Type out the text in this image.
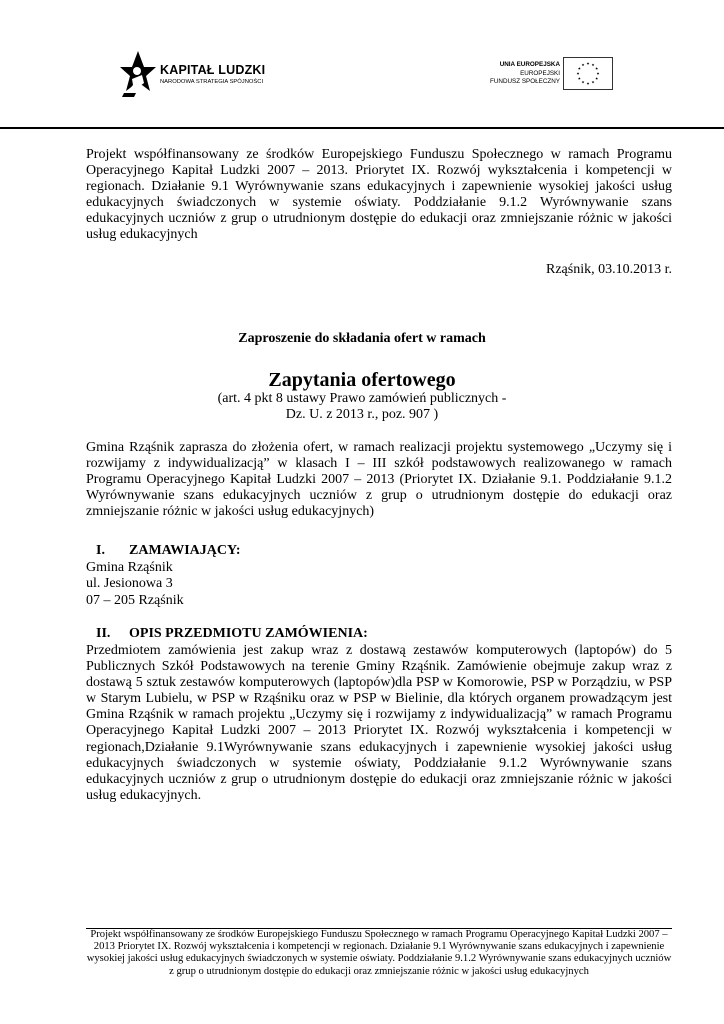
KAPITAŁ LUDZKI
NARODOWA STRATEGIA SPÓJNOŚCI
UNIA EUROPEJSKA
EUROPEJSKI
FUNDUSZ SPOŁECZNY
Projekt współfinansowany ze środków Europejskiego Funduszu Społecznego w ramach Programu Operacyjnego Kapitał Ludzki 2007 – 2013. Priorytet IX. Rozwój wykształcenia i kompetencji w regionach. Działanie 9.1 Wyrównywanie szans edukacyjnych i zapewnienie wysokiej jakości usług edukacyjnych świadczonych w systemie oświaty. Poddziałanie 9.1.2 Wyrównywanie szans edukacyjnych uczniów z grup o utrudnionym dostępie do edukacji oraz zmniejszanie różnic w jakości usług edukacyjnych
Rząśnik, 03.10.2013 r.
Zaproszenie do składania ofert w ramach
Zapytania ofertowego
(art. 4 pkt 8 ustawy Prawo zamówień publicznych -
Dz. U. z 2013 r., poz. 907 )
Gmina Rząśnik zaprasza do złożenia ofert, w ramach realizacji projektu systemowego „Uczymy się i rozwijamy z indywidualizacją” w klasach I – III szkół podstawowych realizowanego w ramach Programu Operacyjnego Kapitał Ludzki 2007 – 2013 (Priorytet IX. Działanie 9.1. Poddziałanie 9.1.2 Wyrównywanie szans edukacyjnych uczniów z grup o utrudnionym dostępie do edukacji oraz zmniejszanie różnic w jakości usług edukacyjnych)
I. ZAMAWIAJĄCY:
Gmina Rząśnik
ul. Jesionowa 3
07 – 205 Rząśnik
II. OPIS PRZEDMIOTU ZAMÓWIENIA:
Przedmiotem zamówienia jest zakup wraz z dostawą zestawów komputerowych (laptopów) do 5 Publicznych Szkół Podstawowych na terenie Gminy Rząśnik. Zamówienie obejmuje zakup wraz z dostawą 5 sztuk zestawów komputerowych (laptopów)dla PSP w Komorowie, PSP w Porządziu, w PSP w Starym Lubielu, w PSP w Rząśniku oraz w PSP w Bielinie, dla których organem prowadzącym jest Gmina Rząśnik w ramach projektu „Uczymy się i rozwijamy z indywidualizacją” w ramach Programu Operacyjnego Kapitał Ludzki 2007 – 2013 Priorytet IX. Rozwój wykształcenia i kompetencji w regionach,Działanie 9.1Wyrównywanie szans edukacyjnych i zapewnienie wysokiej jakości usług edukacyjnych świadczonych w systemie oświaty, Poddziałanie 9.1.2 Wyrównywanie szans edukacyjnych uczniów z grup o utrudnionym dostępie do edukacji oraz zmniejszanie różnic w jakości usług edukacyjnych.
Projekt współfinansowany ze środków Europejskiego Funduszu Społecznego w ramach Programu Operacyjnego Kapitał Ludzki 2007 – 2013 Priorytet IX. Rozwój wykształcenia i kompetencji w regionach. Działanie 9.1 Wyrównywanie szans edukacyjnych i zapewnienie wysokiej jakości usług edukacyjnych świadczonych w systemie oświaty. Poddziałanie 9.1.2 Wyrównywanie szans edukacyjnych uczniów z grup o utrudnionym dostępie do edukacji oraz zmniejszanie różnic w jakości usług edukacyjnych
